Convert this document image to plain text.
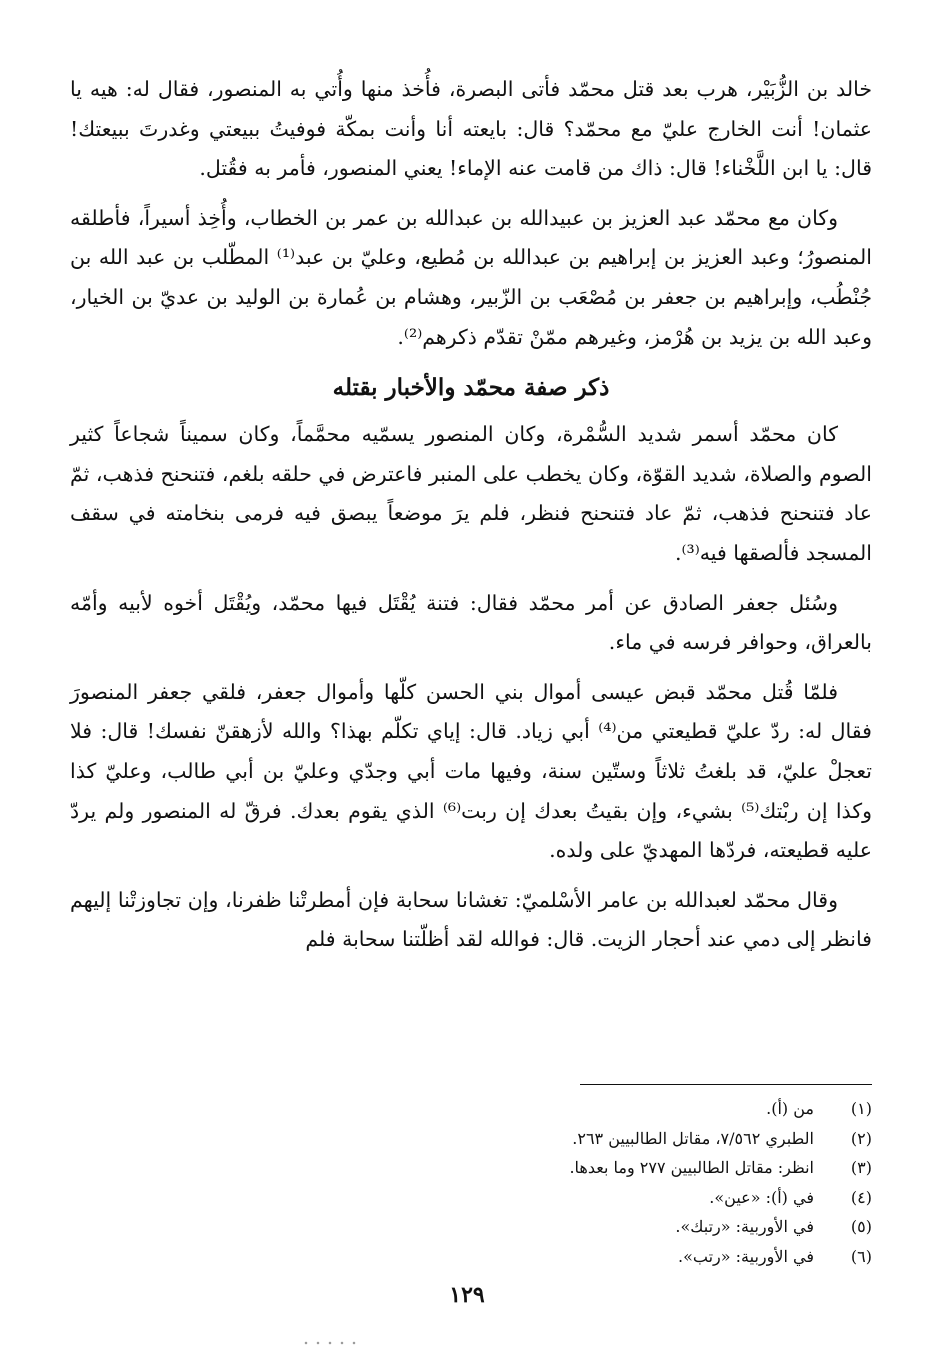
خالد بن الزُّبَيْر، هرب بعد قتل محمّد فأتى البصرة، فأُخذ منها وأُتي به المنصور، فقال له: هيه يا عثمان! أنت الخارج عليّ مع محمّد؟ قال: بايعته أنا وأنت بمكّة فوفيتُ ببيعتي وغدرتَ ببيعتك! قال: يا ابن اللَّخْناء! قال: ذاك من قامت عنه الإماء! يعني المنصور، فأمر به فقُتل.

وكان مع محمّد عبد العزيز بن عبيدالله بن عبدالله بن عمر بن الخطاب، وأُخِذ أسيراً، فأطلقه المنصورُ؛ وعبد العزيز بن إبراهيم بن عبدالله بن مُطيع، وعليّ بن عبد⁽¹⁾ المطّلب بن عبد الله بن جُنْطُب، وإبراهيم بن جعفر بن مُصْعَب بن الزّبير، وهشام بن عُمارة بن الوليد بن عديّ بن الخيار، وعبد الله بن يزيد بن هُرْمز، وغيرهم ممّنْ تقدّم ذكرهم⁽²⁾.

ذكر صفة محمّد والأخبار بقتله

كان محمّد أسمر شديد السُّمْرة، وكان المنصور يسمّيه محمَّماً، وكان سميناً شجاعاً كثير الصوم والصلاة، شديد القوّة، وكان يخطب على المنبر فاعترض في حلقه بلغم، فتنحنح فذهب، ثمّ عاد فتنحنح فذهب، ثمّ عاد فتنحنح فنظر، فلم يرَ موضعاً يبصق فيه فرمى بنخامته في سقف المسجد فألصقها فيه⁽³⁾.

وسُئل جعفر الصادق عن أمر محمّد فقال: فتنة يُقْتَل فيها محمّد، ويُقْتَل أخوه لأبيه وأمّه بالعراق، وحوافر فرسه في ماء.

فلمّا قُتل محمّد قبض عيسى أموال بني الحسن كلّها وأموال جعفر، فلقي جعفر المنصورَ فقال له: ردّ عليّ قطيعتي من⁽⁴⁾ أبي زياد. قال: إياي تكلّم بهذا؟ والله لأزهقنّ نفسك! قال: فلا تعجلْ عليّ، قد بلغتُ ثلاثاً وستّين سنة، وفيها مات أبي وجدّي وعليّ بن أبي طالب، وعليّ كذا وكذا إن ربْتك⁽⁵⁾ بشيء، وإن بقيتُ بعدك إن ربت⁽⁶⁾ الذي يقوم بعدك. فرقّ له المنصور ولم يردّ عليه قطيعته، فردّها المهديّ على ولده.

وقال محمّد لعبدالله بن عامر الأسْلميّ: تغشانا سحابة فإن أمطرتْنا ظفرنا، وإن تجاوزتْنا إليهم فانظر إلى دمي عند أحجار الزيت. قال: فوالله لقد أظلّتنا سحابة فلم

(١)
من (أ).
(٢)
الطبري ٧/٥٦٢، مقاتل الطالبيين ٢٦٣.
(٣)
انظر: مقاتل الطالبيين ٢٧٧ وما بعدها.
(٤)
في (أ): «عين».
(٥)
في الأوربية: «رتبك».
(٦)
في الأوربية: «رتب».
١٢٩
